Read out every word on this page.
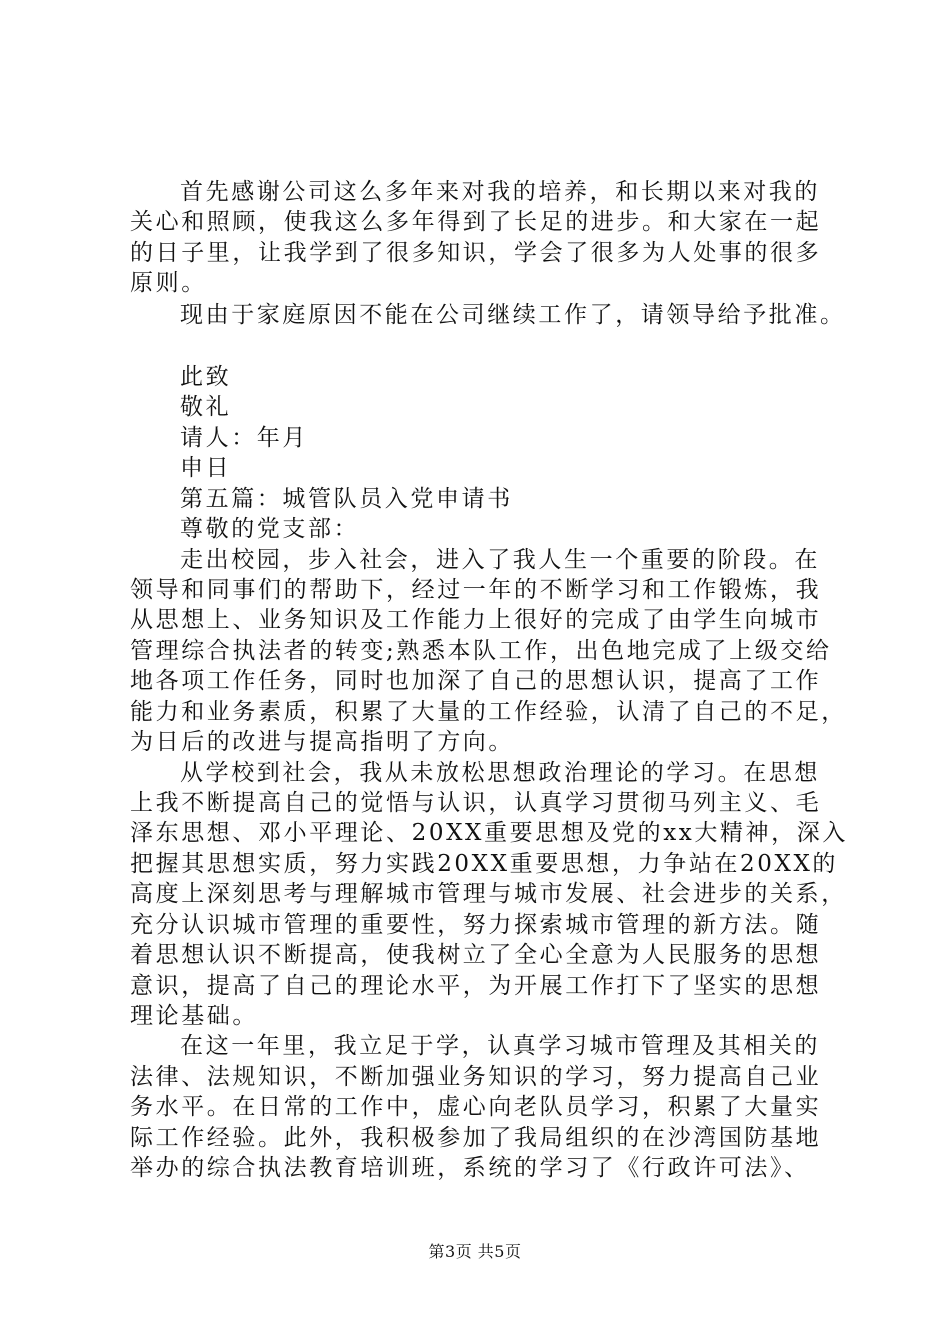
首先感谢公司这么多年来对我的培养，和长期以来对我的
关心和照顾，使我这么多年得到了长足的进步。和大家在一起
的日子里，让我学到了很多知识，学会了很多为人处事的很多
原则。
现由于家庭原因不能在公司继续工作了，请领导给予批准。
此致
敬礼
请人：年月
申日
第五篇：城管队员入党申请书
尊敬的党支部：
走出校园，步入社会，进入了我人生一个重要的阶段。在
领导和同事们的帮助下，经过一年的不断学习和工作锻炼，我
从思想上、业务知识及工作能力上很好的完成了由学生向城市
管理综合执法者的转变;熟悉本队工作，出色地完成了上级交给
地各项工作任务，同时也加深了自己的思想认识，提高了工作
能力和业务素质，积累了大量的工作经验，认清了自己的不足，
为日后的改进与提高指明了方向。
从学校到社会，我从未放松思想政治理论的学习。在思想
上我不断提高自己的觉悟与认识，认真学习贯彻马列主义、毛
泽东思想、邓小平理论、20XX重要思想及党的xx大精神，深入
把握其思想实质，努力实践20XX重要思想，力争站在20XX的
高度上深刻思考与理解城市管理与城市发展、社会进步的关系，
充分认识城市管理的重要性，努力探索城市管理的新方法。随
着思想认识不断提高，使我树立了全心全意为人民服务的思想
意识，提高了自己的理论水平，为开展工作打下了坚实的思想
理论基础。
在这一年里，我立足于学，认真学习城市管理及其相关的
法律、法规知识，不断加强业务知识的学习，努力提高自己业
务水平。在日常的工作中，虚心向老队员学习，积累了大量实
际工作经验。此外，我积极参加了我局组织的在沙湾国防基地
举办的综合执法教育培训班，系统的学习了《行政许可法》、
第3页 共5页
